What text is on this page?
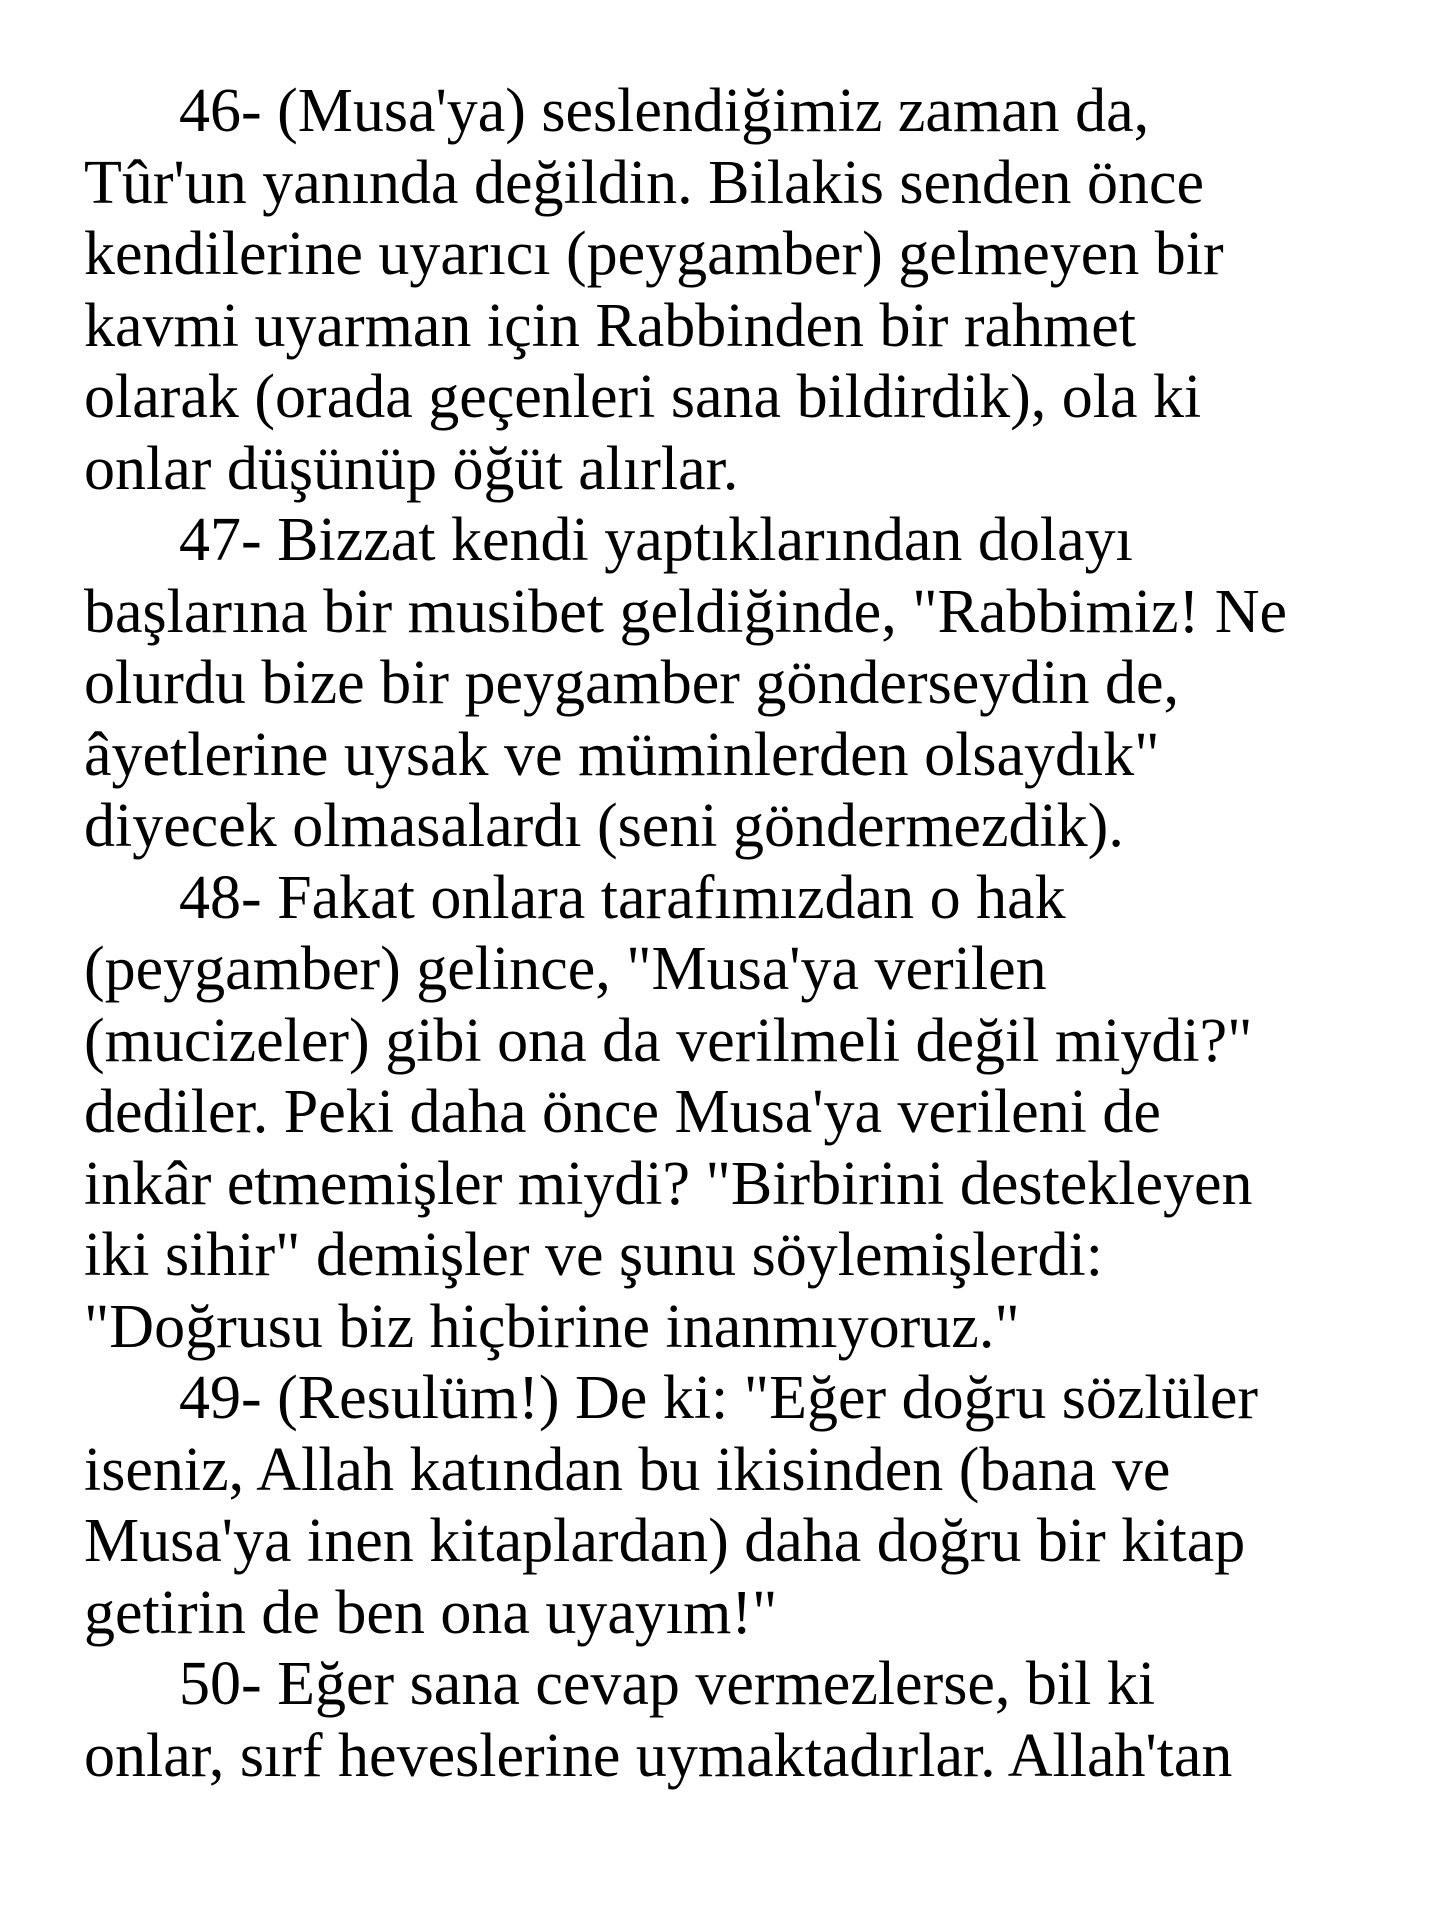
46- (Musa'ya) seslendiğimiz zaman da,
Tûr'un yanında değildin. Bilakis senden önce
kendilerine uyarıcı (peygamber) gelmeyen bir
kavmi uyarman için Rabbinden bir rahmet
olarak (orada geçenleri sana bildirdik), ola ki
onlar düşünüp öğüt alırlar.
47- Bizzat kendi yaptıklarından dolayı
başlarına bir musibet geldiğinde, "Rabbimiz! Ne
olurdu bize bir peygamber gönderseydin de,
âyetlerine uysak ve müminlerden olsaydık"
diyecek olmasalardı (seni göndermezdik).
48- Fakat onlara tarafımızdan o hak
(peygamber) gelince, "Musa'ya verilen
(mucizeler) gibi ona da verilmeli değil miydi?"
dediler. Peki daha önce Musa'ya verileni de
inkâr etmemişler miydi? "Birbirini destekleyen
iki sihir" demişler ve şunu söylemişlerdi:
"Doğrusu biz hiçbirine inanmıyoruz."
49- (Resulüm!) De ki: "Eğer doğru sözlüler
iseniz, Allah katından bu ikisinden (bana ve
Musa'ya inen kitaplardan) daha doğru bir kitap
getirin de ben ona uyayım!"
50- Eğer sana cevap vermezlerse, bil ki
onlar, sırf heveslerine uymaktadırlar. Allah'tan
